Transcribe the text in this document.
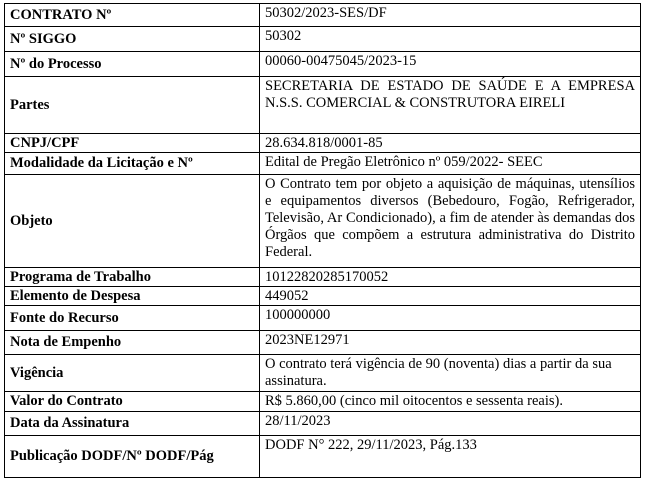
CONTRATO Nº	50302/2023-SES/DF
Nº SIGGO	50302
Nº do Processo	00060-00475045/2023-15
Partes	SECRETARIA DE ESTADO DE SAÚDE E A EMPRESA N.S.S. COMERCIAL & CONSTRUTORA EIRELI
CNPJ/CPF	28.634.818/0001-85
Modalidade da Licitação e Nº	Edital de Pregão Eletrônico nº 059/2022- SEEC
Objeto	O Contrato tem por objeto a aquisição de máquinas, utensílios e equipamentos diversos (Bebedouro, Fogão, Refrigerador, Televisão, Ar Condicionado), a fim de atender às demandas dos Órgãos que compõem a estrutura administrativa do Distrito Federal.
Programa de Trabalho	10122820285170052
Elemento de Despesa	449052
Fonte do Recurso	100000000
Nota de Empenho	2023NE12971
Vigência	O contrato terá vigência de 90 (noventa) dias a partir da sua assinatura.
Valor do Contrato	R$ 5.860,00 (cinco mil oitocentos e sessenta reais).
Data da Assinatura	28/11/2023
Publicação DODF/Nº DODF/Pág	DODF N° 222, 29/11/2023, Pág.133
